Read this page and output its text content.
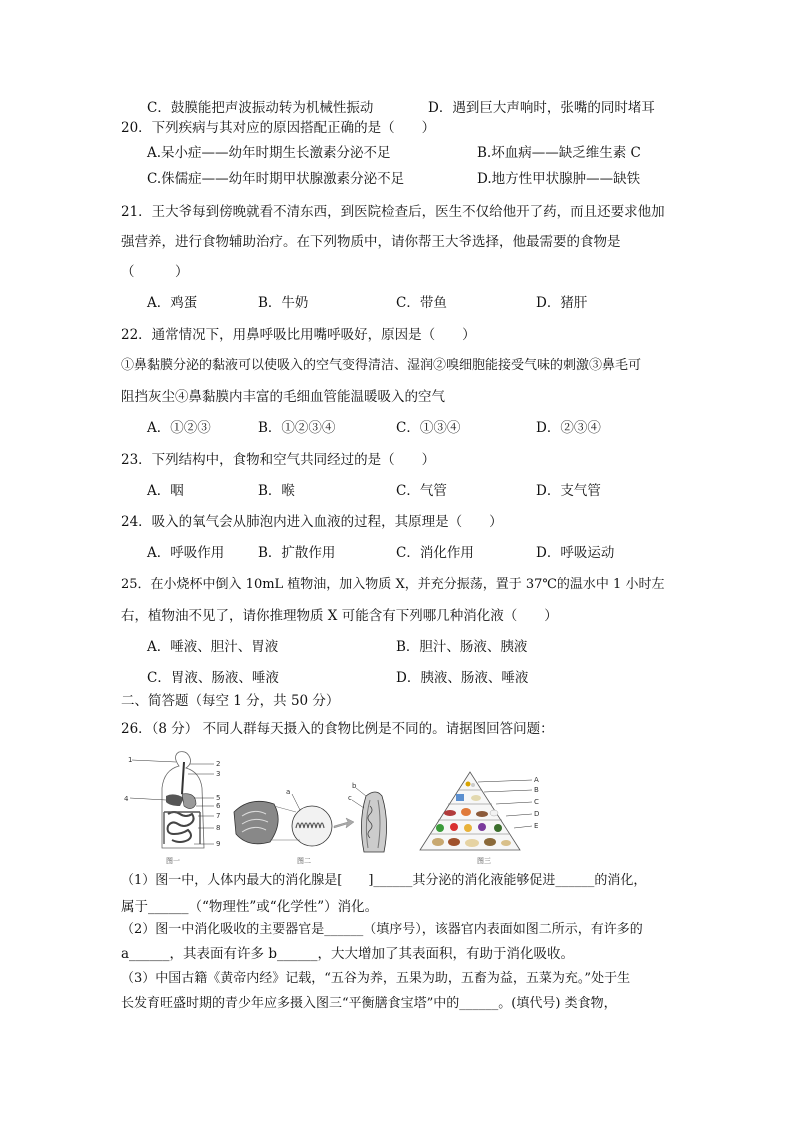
C．鼓膜能把声波振动转为机械性振动	D．遇到巨大声响时，张嘴的同时堵耳
20．下列疾病与其对应的原因搭配正确的是（　　）
A.呆小症——幼年时期生长激素分泌不足	B.坏血病——缺乏维生素 C
C.侏儒症——幼年时期甲状腺激素分泌不足	D.地方性甲状腺肿——缺铁
21．王大爷每到傍晚就看不清东西，到医院检查后，医生不仅给他开了药，而且还要求他加
强营养，进行食物辅助治疗。在下列物质中，请你帮王大爷选择，他最需要的食物是
（　　　）
A．鸡蛋	B．牛奶	C．带鱼	D．猪肝
22．通常情况下，用鼻呼吸比用嘴呼吸好，原因是（　　）
①鼻黏膜分泌的黏液可以使吸入的空气变得清洁、湿润②嗅细胞能接受气味的刺激③鼻毛可
阻挡灰尘④鼻黏膜内丰富的毛细血管能温暖吸入的空气
A．①②③	B．①②③④	C．①③④	D．②③④
23．下列结构中，食物和空气共同经过的是（　　）
A．咽	B．喉	C．气管	D．支气管
24．吸入的氧气会从肺泡内进入血液的过程，其原理是（　　）
A．呼吸作用	B．扩散作用	C．消化作用	D．呼吸运动
25．在小烧杯中倒入 10mL 植物油，加入物质 X，并充分振荡，置于 37℃的温水中 1 小时左
右，植物油不见了，请你推理物质 X 可能含有下列哪几种消化液（　　）
A．唾液、胆汁、胃液	B．胆汁、肠液、胰液
C．胃液、肠液、唾液	D．胰液、肠液、唾液
二、简答题（每空 1 分，共 50 分）
26．（8 分） 不同人群每天摄入的食物比例是不同的。请据图回答问题：
1	2
3
4	5
6
7
8
9
图一
a
b
c
图二
A
B
C
D
E
图三
（1）图一中，人体内最大的消化腺是[　　]______其分泌的消化液能够促进______的消化，
属于______（“物理性”或“化学性”）消化。
（2）图一中消化吸收的主要器官是______（填序号），该器官内表面如图二所示，有许多的
a______，其表面有许多 b______，大大增加了其表面积，有助于消化吸收。
（3）中国古籍《黄帝内经》记载，“五谷为养，五果为助，五畜为益，五菜为充。”处于生
长发育旺盛时期的青少年应多摄入图三“平衡膳食宝塔”中的______。(填代号) 类食物，
